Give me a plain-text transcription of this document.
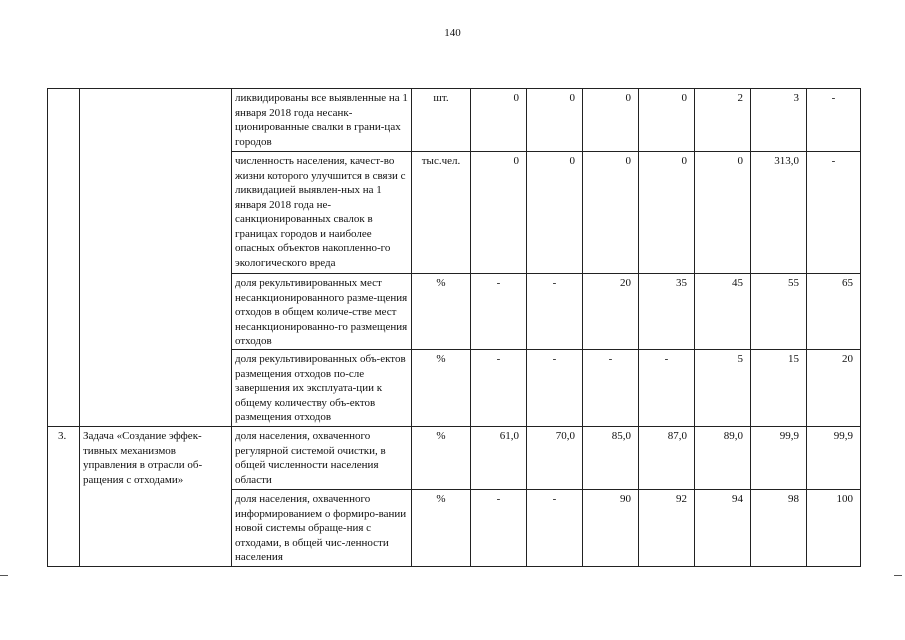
140
		ликвидированы все выявленные на 1 января 2018 года несанк-ционированные свалки в грани-цах городов	шт.	0	0	0	0	2	3	-
		численность населения, качест-во жизни которого улучшится в связи с ликвидацией выявлен-ных на 1 января 2018 года не-санкционированных свалок в границах городов и наиболее опасных объектов накопленно-го экологического вреда	тыс.чел.	0	0	0	0	0	313,0	-
		доля рекультивированных мест несанкционированного разме-щения отходов в общем количе-стве мест несанкционированно-го размещения отходов	%	-	-	20	35	45	55	65
		доля рекультивированных объ-ектов размещения отходов по-сле завершения их эксплуата-ции к общему количеству объ-ектов размещения отходов	%	-	-	-	-	5	15	20
3.	Задача «Создание эффек-тивных механизмов управления в отрасли об-ращения с отходами»	доля населения, охваченного регулярной системой очистки, в общей численности населения области	%	61,0	70,0	85,0	87,0	89,0	99,9	99,9
		доля населения, охваченного информированием о формиро-вании новой системы обраще-ния с отходами, в общей чис-ленности населения	%	-	-	90	92	94	98	100
